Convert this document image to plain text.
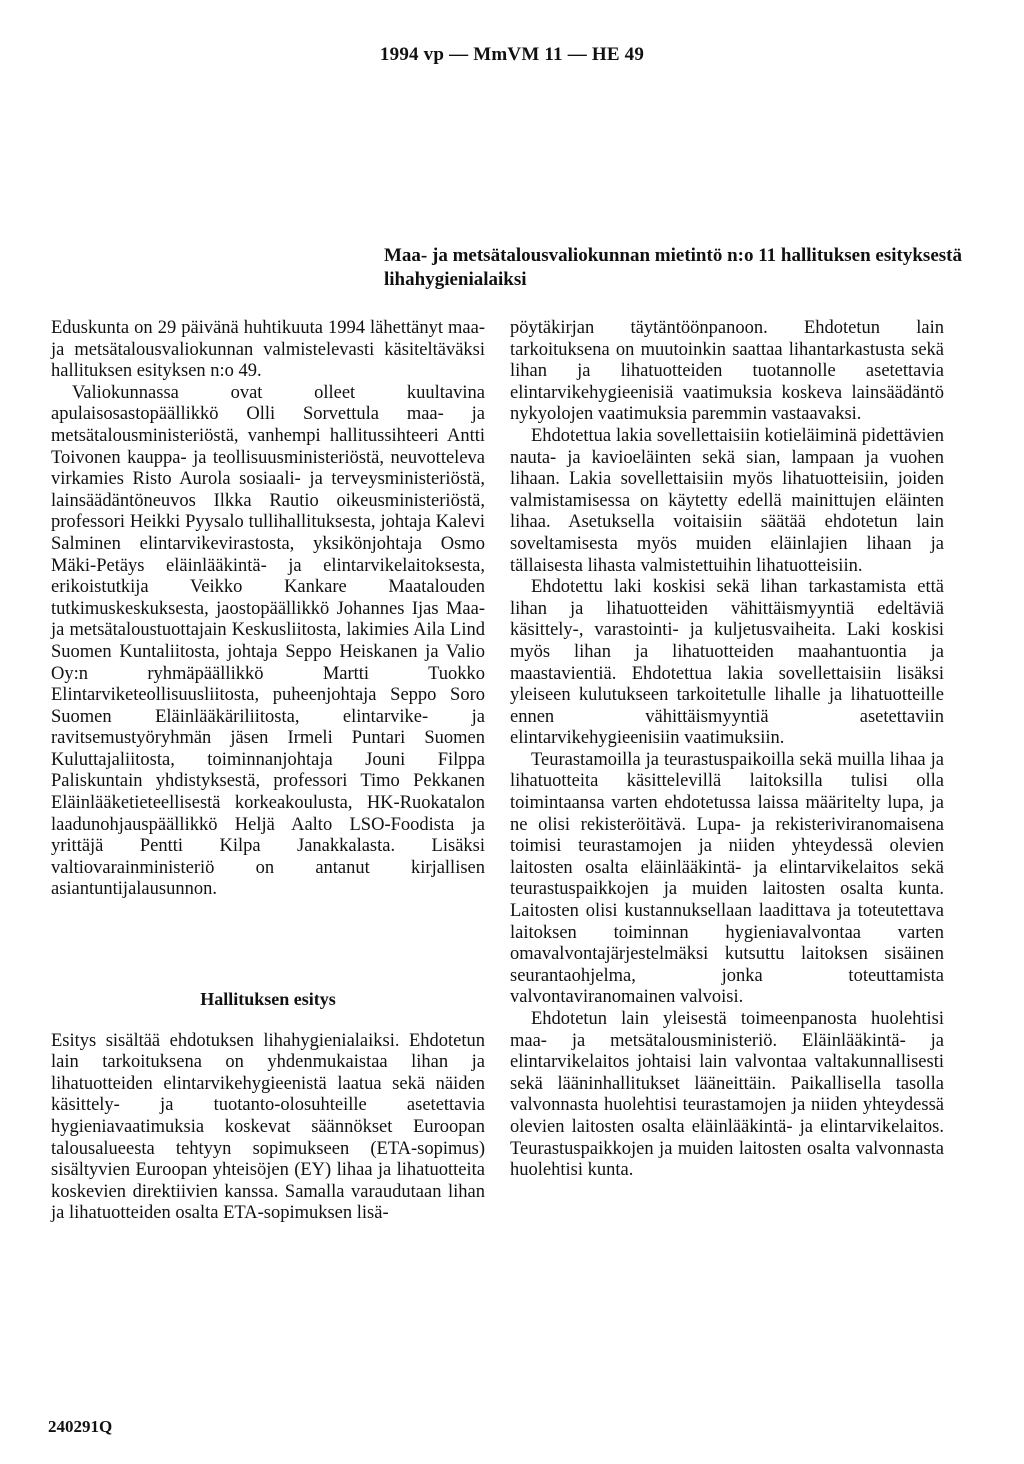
1994 vp — MmVM 11 — HE 49
Maa- ja metsätalousvaliokunnan mietintö n:o 11 hallituksen esityksestä lihahygienialaiksi

Eduskunta on 29 päivänä huhtikuuta 1994 lähettänyt maa- ja metsätalousvaliokunnan valmistelevasti käsiteltäväksi hallituksen esityksen n:o 49.

Valiokunnassa ovat olleet kuultavina apulaisosastopäällikkö Olli Sorvettula maa- ja metsätalousministeriöstä, vanhempi hallitussihteeri Antti Toivonen kauppa- ja teollisuusministeriöstä, neuvotteleva virkamies Risto Aurola sosiaali- ja terveysministeriöstä, lainsäädäntöneuvos Ilkka Rautio oikeusministeriöstä, professori Heikki Pyysalo tullihallituksesta, johtaja Kalevi Salminen elintarvikevirastosta, yksikönjohtaja Osmo Mäki-Petäys eläinlääkintä- ja elintarvikelaitoksesta, erikoistutkija Veikko Kankare Maatalouden tutkimuskeskuksesta, jaostopäällikkö Johannes Ijas Maa- ja metsätaloustuottajain Keskusliitosta, lakimies Aila Lind Suomen Kuntaliitosta, johtaja Seppo Heiskanen ja Valio Oy:n ryhmäpäällikkö Martti Tuokko Elintarviketeollisuusliitosta, puheenjohtaja Seppo Soro Suomen Eläinlääkäriliitosta, elintarvike- ja ravitsemustyöryhmän jäsen Irmeli Puntari Suomen Kuluttajaliitosta, toiminnanjohtaja Jouni Filppa Paliskuntain yhdistyksestä, professori Timo Pekkanen Eläinlääketieteellisestä korkeakoulusta, HK-Ruokatalon laadunohjauspäällikkö Heljä Aalto LSO-Foodista ja yrittäjä Pentti Kilpa Janakkalasta. Lisäksi valtiovarainministeriö on antanut kirjallisen asiantuntijalausunnon.

Hallituksen esitys

Esitys sisältää ehdotuksen lihahygienialaiksi. Ehdotetun lain tarkoituksena on yhdenmukaistaa lihan ja lihatuotteiden elintarvikehygieenistä laatua sekä näiden käsittely- ja tuotanto-olosuhteille asetettavia hygieniavaatimuksia koskevat säännökset Euroopan talousalueesta tehtyyn sopimukseen (ETA-sopimus) sisältyvien Euroopan yhteisöjen (EY) lihaa ja lihatuotteita koskevien direktiivien kanssa. Samalla varaudutaan lihan ja lihatuotteiden osalta ETA-sopimuksen lisä-

pöytäkirjan täytäntöönpanoon. Ehdotetun lain tarkoituksena on muutoinkin saattaa lihantarkastusta sekä lihan ja lihatuotteiden tuotannolle asetettavia elintarvikehygieenisiä vaatimuksia koskeva lainsäädäntö nykyolojen vaatimuksia paremmin vastaavaksi.

Ehdotettua lakia sovellettaisiin kotieläiminä pidettävien nauta- ja kavioeläinten sekä sian, lampaan ja vuohen lihaan. Lakia sovellettaisiin myös lihatuotteisiin, joiden valmistamisessa on käytetty edellä mainittujen eläinten lihaa. Asetuksella voitaisiin säätää ehdotetun lain soveltamisesta myös muiden eläinlajien lihaan ja tällaisesta lihasta valmistettuihin lihatuotteisiin.

Ehdotettu laki koskisi sekä lihan tarkastamista että lihan ja lihatuotteiden vähittäismyyntiä edeltäviä käsittely-, varastointi- ja kuljetusvaiheita. Laki koskisi myös lihan ja lihatuotteiden maahantuontia ja maastavientiä. Ehdotettua lakia sovellettaisiin lisäksi yleiseen kulutukseen tarkoitetulle lihalle ja lihatuotteille ennen vähittäismyyntiä asetettaviin elintarvikehygieenisiin vaatimuksiin.

Teurastamoilla ja teurastuspaikoilla sekä muilla lihaa ja lihatuotteita käsittelevillä laitoksilla tulisi olla toimintaansa varten ehdotetussa laissa määritelty lupa, ja ne olisi rekisteröitävä. Lupa- ja rekisteriviranomaisena toimisi teurastamojen ja niiden yhteydessä olevien laitosten osalta eläinlääkintä- ja elintarvikelaitos sekä teurastuspaikkojen ja muiden laitosten osalta kunta. Laitosten olisi kustannuksellaan laadittava ja toteutettava laitoksen toiminnan hygieniavalvontaa varten omavalvontajärjestelmäksi kutsuttu laitoksen sisäinen seurantaohjelma, jonka toteuttamista valvontaviranomainen valvoisi.

Ehdotetun lain yleisestä toimeenpanosta huolehtisi maa- ja metsätalousministeriö. Eläinlääkintä- ja elintarvikelaitos johtaisi lain valvontaa valtakunnallisesti sekä lääninhallitukset lääneittäin. Paikallisella tasolla valvonnasta huolehtisi teurastamojen ja niiden yhteydessä olevien laitosten osalta eläinlääkintä- ja elintarvikelaitos. Teurastuspaikkojen ja muiden laitosten osalta valvonnasta huolehtisi kunta.

240291Q
